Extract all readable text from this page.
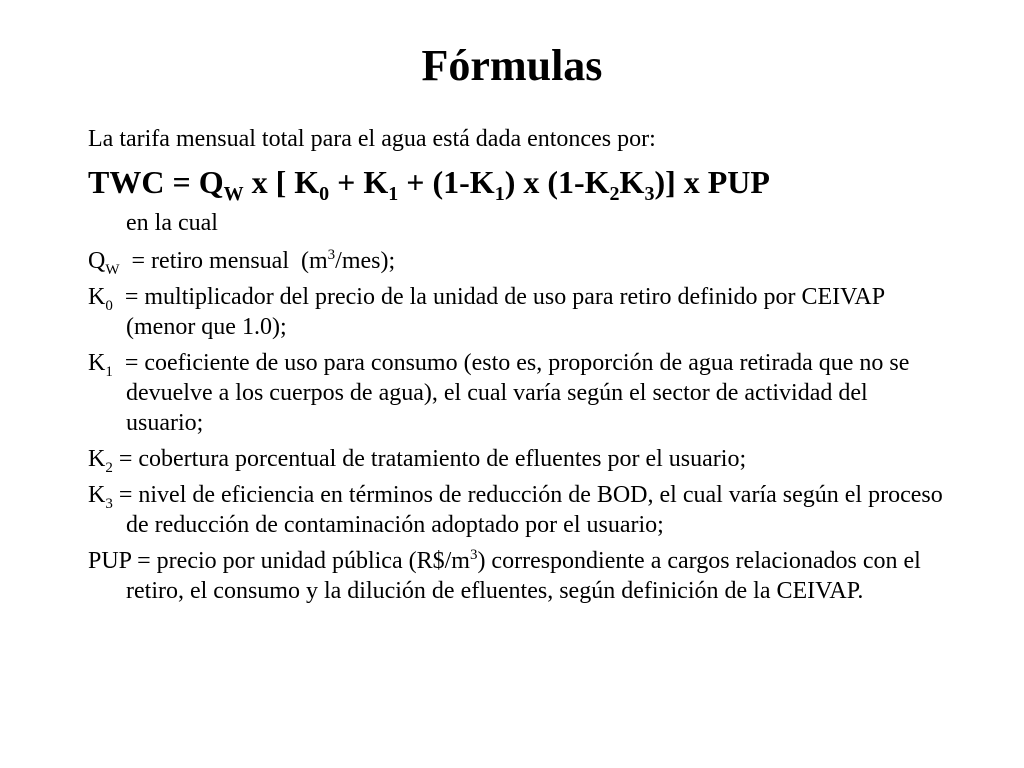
Fórmulas
La tarifa mensual total para el agua está dada entonces por:
TWC = $Q_W$ x [ $K_0 + K_1 + (1-K_1)$ x $(1-K_2K_3)$] x PUP
en la cual

$Q_W$  = retiro mensual  $(m^3/mes)$;

$K_0$  = multiplicador del precio de la unidad de uso para retiro definido por CEIVAP (menor que 1.0);

$K_1$  = coeficiente de uso para consumo (esto es, proporción de agua retirada que no se devuelve a los cuerpos de agua), el cual varía según el sector de actividad del usuario;

$K_2$ = cobertura porcentual de tratamiento de efluentes por el usuario;

$K_3$ = nivel de eficiencia en términos de reducción de BOD, el cual varía según el proceso de reducción de contaminación adoptado por el usuario;

PUP = precio por unidad pública $(R\$/m^3)$ correspondiente a cargos relacionados con el retiro, el consumo y la dilución de efluentes, según definición de la CEIVAP.
